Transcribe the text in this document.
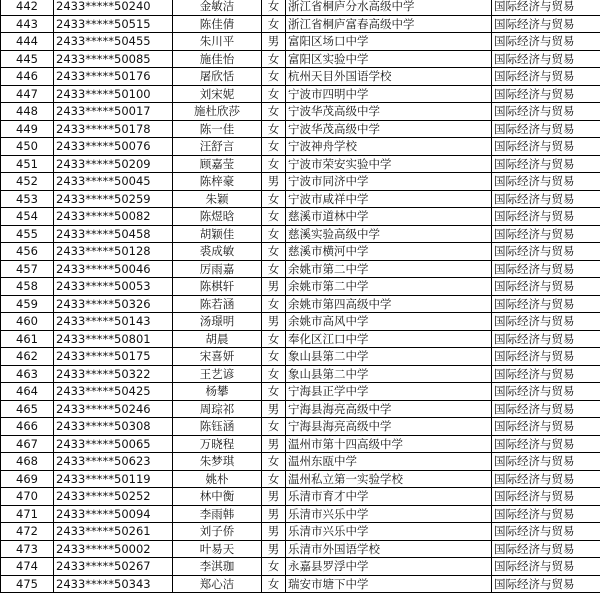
442	2433*****50240	金敏洁	女	浙江省桐庐分水高级中学	国际经济与贸易
443	2433*****50515	陈佳倩	女	浙江省桐庐富春高级中学	国际经济与贸易
444	2433*****50455	朱川平	男	富阳区场口中学	国际经济与贸易
445	2433*****50085	施佳怡	女	富阳区实验中学	国际经济与贸易
446	2433*****50176	屠欣恬	女	杭州天目外国语学校	国际经济与贸易
447	2433*****50100	刘宋妮	女	宁波市四明中学	国际经济与贸易
448	2433*****50017	施杜欣莎	女	宁波华茂高级中学	国际经济与贸易
449	2433*****50178	陈一佳	女	宁波华茂高级中学	国际经济与贸易
450	2433*****50076	汪舒言	女	宁波神舟学校	国际经济与贸易
451	2433*****50209	顾嘉莹	女	宁波市荣安实验中学	国际经济与贸易
452	2433*****50045	陈梓豪	男	宁波市同济中学	国际经济与贸易
453	2433*****50259	朱颖	女	宁波市咸祥中学	国际经济与贸易
454	2433*****50082	陈煜晗	女	慈溪市道林中学	国际经济与贸易
455	2433*****50458	胡颖佳	女	慈溪实验高级中学	国际经济与贸易
456	2433*****50128	裘成敏	女	慈溪市横河中学	国际经济与贸易
457	2433*****50046	厉雨嘉	女	余姚市第二中学	国际经济与贸易
458	2433*****50053	陈棋轩	男	余姚市第二中学	国际经济与贸易
459	2433*****50326	陈若涵	女	余姚市第四高级中学	国际经济与贸易
460	2433*****50143	汤璟明	男	余姚市高风中学	国际经济与贸易
461	2433*****50801	胡晨	女	奉化区江口中学	国际经济与贸易
462	2433*****50175	宋喜妍	女	象山县第二中学	国际经济与贸易
463	2433*****50322	王艺谚	女	象山县第二中学	国际经济与贸易
464	2433*****50425	杨攀	女	宁海县正学中学	国际经济与贸易
465	2433*****50246	周琮祁	男	宁海县海亮高级中学	国际经济与贸易
466	2433*****50308	陈钰涵	女	宁海县海亮高级中学	国际经济与贸易
467	2433*****50065	万晓程	男	温州市第十四高级中学	国际经济与贸易
468	2433*****50623	朱梦琪	女	温州东瓯中学	国际经济与贸易
469	2433*****50119	姚朴	女	温州私立第一实验学校	国际经济与贸易
470	2433*****50252	林中衡	男	乐清市育才中学	国际经济与贸易
471	2433*****50094	李雨韩	男	乐清市兴乐中学	国际经济与贸易
472	2433*****50261	刘子侨	男	乐清市兴乐中学	国际经济与贸易
473	2433*****50002	叶易天	男	乐清市外国语学校	国际经济与贸易
474	2433*****50267	李淇珈	女	永嘉县罗浮中学	国际经济与贸易
475	2433*****50343	郑心洁	女	瑞安市塘下中学	国际经济与贸易
